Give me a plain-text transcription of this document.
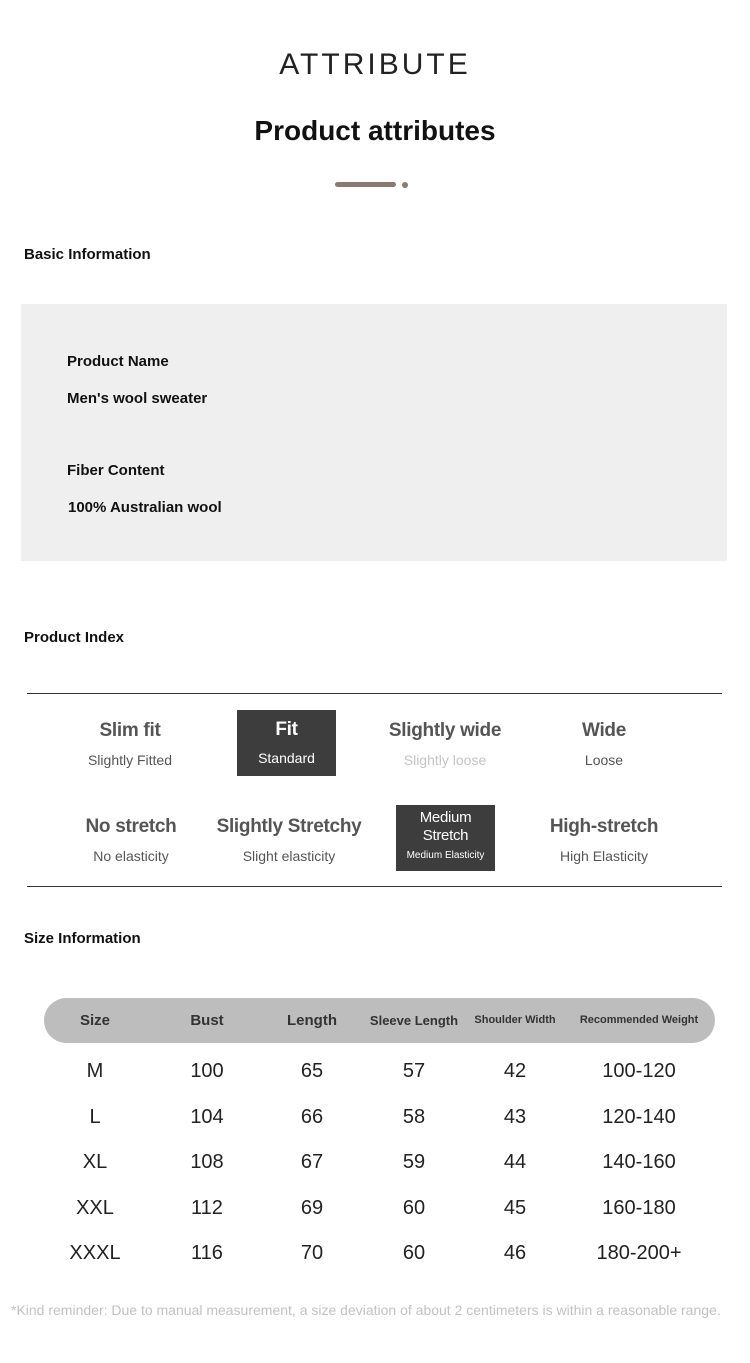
ATTRIBUTE
Product attributes
Basic Information
Product Name
Men's wool sweater
Fiber Content
100% Australian wool
Product Index
Slim fit
Slightly Fitted
Fit
Standard
Slightly wide
Slightly loose
Wide
Loose
No stretch
No elasticity
Slightly Stretchy
Slight elasticity
Medium Stretch
Medium Elasticity
High-stretch
High Elasticity
Size Information
Size	Bust	Length	Sleeve Length	Shoulder Width	Recommended Weight
M	100	65	57	42	100-120
L	104	66	58	43	120-140
XL	108	67	59	44	140-160
XXL	112	69	60	45	160-180
XXXL	116	70	60	46	180-200+
*Kind reminder: Due to manual measurement, a size deviation of about 2 centimeters is within a reasonable range.
